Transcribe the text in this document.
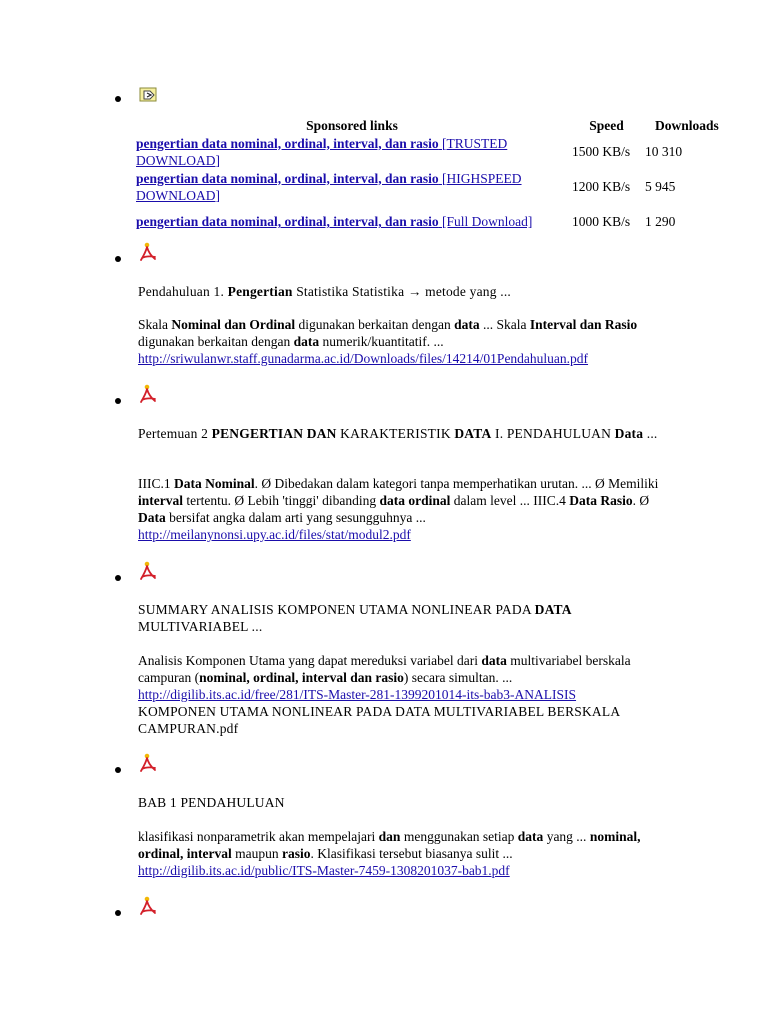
Sponsored links	Speed	Downloads

pengertian data nominal, ordinal, interval, dan rasio [TRUSTED DOWNLOAD]	1500 KB/s	10 310

pengertian data nominal, ordinal, interval, dan rasio [HIGHSPEED DOWNLOAD]	1200 KB/s	5 945

pengertian data nominal, ordinal, interval, dan rasio [Full Download]	1000 KB/s	1 290
Pendahuluan 1. Pengertian Statistika Statistika → metode yang ...
Skala Nominal dan Ordinal digunakan berkaitan dengan data ... Skala Interval dan Rasio digunakan berkaitan dengan data numerik/kuantitatif. ...
http://sriwulanwr.staff.gunadarma.ac.id/Downloads/files/14214/01Pendahuluan.pdf
Pertemuan 2 PENGERTIAN DAN KARAKTERISTIK DATA I. PENDAHULUAN Data ...
IIIC.1 Data Nominal. Ø Dibedakan dalam kategori tanpa memperhatikan urutan. ... Ø Memiliki interval tertentu. Ø Lebih 'tinggi' dibanding data ordinal dalam level ... IIIC.4 Data Rasio. Ø Data bersifat angka dalam arti yang sesungguhnya ...
http://meilanynonsi.upy.ac.id/files/stat/modul2.pdf
SUMMARY ANALISIS KOMPONEN UTAMA NONLINEAR PADA DATA MULTIVARIABEL ...
Analisis Komponen Utama yang dapat mereduksi variabel dari data multivariabel berskala campuran (nominal, ordinal, interval dan rasio) secara simultan. ...
http://digilib.its.ac.id/free/281/ITS-Master-281-1399201014-its-bab3-ANALISIS
KOMPONEN UTAMA NONLINEAR PADA DATA MULTIVARIABEL BERSKALA CAMPURAN.pdf
BAB 1 PENDAHULUAN
klasifikasi nonparametrik akan mempelajari dan menggunakan setiap data yang ... nominal, ordinal, interval maupun rasio. Klasifikasi tersebut biasanya sulit ...
http://digilib.its.ac.id/public/ITS-Master-7459-1308201037-bab1.pdf
